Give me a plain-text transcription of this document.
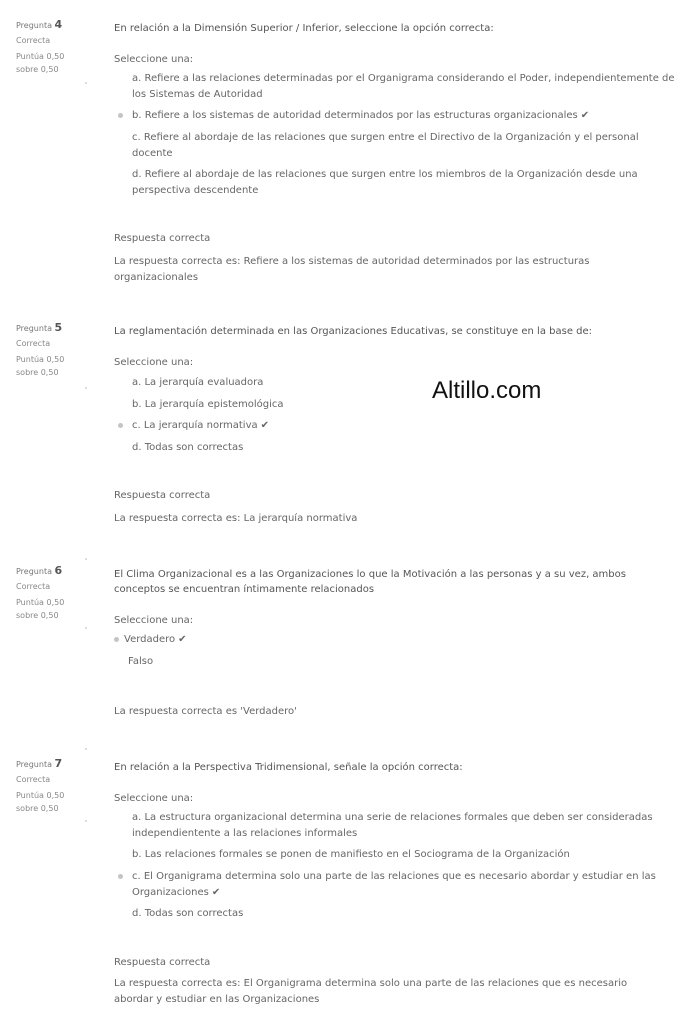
Pregunta 4
Correcta
Puntúa 0,50
sobre 0,50
En relación a la Dimensión Superior / Inferior, seleccione la opción correcta:
Seleccione una:
a. Refiere a las relaciones determinadas por el Organigrama considerando el Poder, independientemente de los Sistemas de Autoridad
b. Refiere a los sistemas de autoridad determinados por las estructuras organizacionales ✔
c. Refiere al abordaje de las relaciones que surgen entre el Directivo de la Organización y el personal docente
d. Refiere al abordaje de las relaciones que surgen entre los miembros de la Organización desde una perspectiva descendente
Respuesta correcta
La respuesta correcta es: Refiere a los sistemas de autoridad determinados por las estructuras organizacionales
Pregunta 5
Correcta
Puntúa 0,50
sobre 0,50
La reglamentación determinada en las Organizaciones Educativas, se constituye en la base de:
Seleccione una:
a. La jerarquía evaluadora
b. La jerarquía epistemológica
c. La jerarquía normativa ✔
d. Todas son correctas
Respuesta correcta
La respuesta correcta es: La jerarquía normativa
Altillo.com
Pregunta 6
Correcta
Puntúa 0,50
sobre 0,50
El Clima Organizacional es a las Organizaciones lo que la Motivación a las personas y a su vez, ambos conceptos se encuentran íntimamente relacionados
Seleccione una:
Verdadero ✔
Falso
La respuesta correcta es 'Verdadero'
Pregunta 7
Correcta
Puntúa 0,50
sobre 0,50
En relación a la Perspectiva Tridimensional, señale la opción correcta:
Seleccione una:
a. La estructura organizacional determina una serie de relaciones formales que deben ser consideradas independientente a las relaciones informales
b. Las relaciones formales se ponen de manifiesto en el Sociograma de la Organización
c. El Organigrama determina solo una parte de las relaciones que es necesario abordar y estudiar en las Organizaciones ✔
d. Todas son correctas
Respuesta correcta
La respuesta correcta es: El Organigrama determina solo una parte de las relaciones que es necesario abordar y estudiar en las Organizaciones
